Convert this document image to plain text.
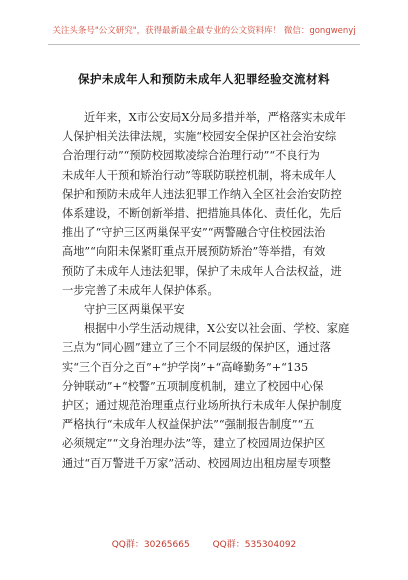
关注头条号"公文研究"，获得最新最全最专业的公文资料库！ 微信：gongwenyj
保护未成年人和预防未成年人犯罪经验交流材料

近年来，X市公安局X分局多措并举，严格落实未成年

人保护相关法律法规，实施“校园安全保护区社会治安综

合治理行动”“预防校园欺凌综合治理行动”“不良行为

未成年人干预和矫治行动”等联防联控机制，将未成年人

保护和预防未成年人违法犯罪工作纳入全区社会治安防控

体系建设，不断创新举措、把措施具体化、责任化，先后

推出了“守护三区两巢保平安”“两警融合守住校园法治

高地”“向阳未保紧盯重点开展预防矫治”等举措，有效

预防了未成年人违法犯罪，保护了未成年人合法权益，进

一步完善了未成年人保护体系。

守护三区两巢保平安

根据中小学生活动规律，X公安以社会面、学校、家庭

三点为“同心圆”建立了三个不同层级的保护区，通过落

实“三个百分之百”+“护学岗”+“高峰勤务”+“135

分钟联动”+“校警”五项制度机制，建立了校园中心保

护区；通过规范治理重点行业场所执行未成年人保护制度

严格执行“未成年人权益保护法”“强制报告制度”“五

必须规定”“文身治理办法”等，建立了校园周边保护区

通过“百万警进千万家”活动、校园周边出租房屋专项整

QQ群：30265665	QQ群：535304092
